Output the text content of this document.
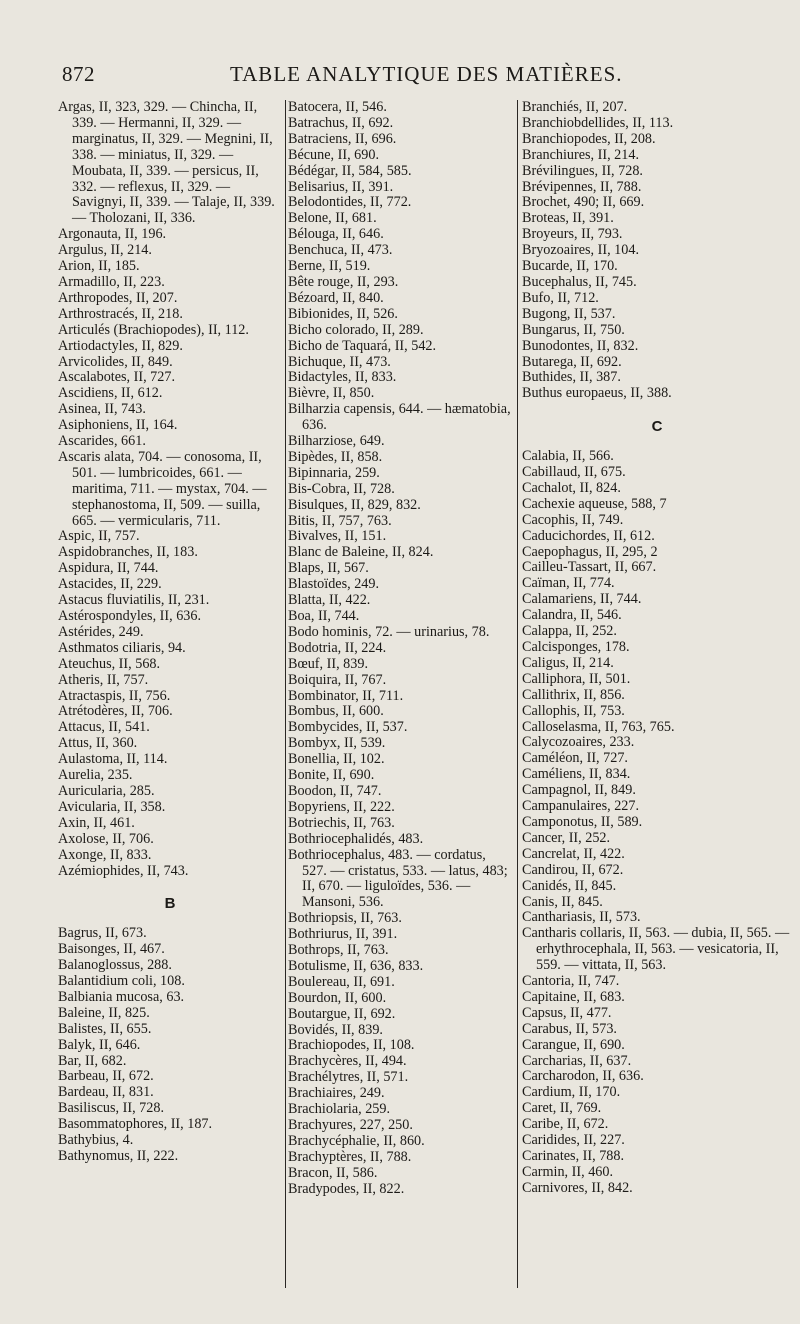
872	TABLE ANALYTIQUE DES MATIÈRES.

Argas, II, 323, 329. — Chincha, II, 339. — Hermanni, II, 329. — marginatus, II, 329. — Megnini, II, 338. — miniatus, II, 329. — Moubata, II, 339. — persicus, II, 332. — reflexus, II, 329. — Savignyi, II, 339. — Talaje, II, 339. — Tholozani, II, 336.

Argonauta, II, 196.

Argulus, II, 214.

Arion, II, 185.

Armadillo, II, 223.

Arthropodes, II, 207.

Arthrostracés, II, 218.

Articulés (Brachiopodes), II, 112.

Artiodactyles, II, 829.

Arvicolides, II, 849.

Ascalabotes, II, 727.

Ascidiens, II, 612.

Asinea, II, 743.

Asiphoniens, II, 164.

Ascarides, 661.

Ascaris alata, 704. — conosoma, II, 501. — lumbricoides, 661. — maritima, 711. — mystax, 704. — stephanostoma, II, 509. — suilla, 665. — vermicularis, 711.

Aspic, II, 757.

Aspidobranches, II, 183.

Aspidura, II, 744.

Astacides, II, 229.

Astacus fluviatilis, II, 231.

Astérospondyles, II, 636.

Astérides, 249.

Asthmatos ciliaris, 94.

Ateuchus, II, 568.

Atheris, II, 757.

Atractaspis, II, 756.

Atrétodères, II, 706.

Attacus, II, 541.

Attus, II, 360.

Aulastoma, II, 114.

Aurelia, 235.

Auricularia, 285.

Avicularia, II, 358.

Axin, II, 461.

Axolose, II, 706.

Axonge, II, 833.

Azémiophides, II, 743.

B

Bagrus, II, 673.

Baisonges, II, 467.

Balanoglossus, 288.

Balantidium coli, 108.

Balbiania mucosa, 63.

Baleine, II, 825.

Balistes, II, 655.

Balyk, II, 646.

Bar, II, 682.

Barbeau, II, 672.

Bardeau, II, 831.

Basiliscus, II, 728.

Basommatophores, II, 187.

Bathybius, 4.

Bathynomus, II, 222.

Batocera, II, 546.

Batrachus, II, 692.

Batraciens, II, 696.

Bécune, II, 690.

Bédégar, II, 584, 585.

Belisarius, II, 391.

Belodontides, II, 772.

Belone, II, 681.

Bélouga, II, 646.

Benchuca, II, 473.

Berne, II, 519.

Bête rouge, II, 293.

Bézoard, II, 840.

Bibionides, II, 526.

Bicho colorado, II, 289.

Bicho de Taquará, II, 542.

Bichuque, II, 473.

Bidactyles, II, 833.

Bièvre, II, 850.

Bilharzia capensis, 644. — hæmatobia, 636.

Bilharziose, 649.

Bipèdes, II, 858.

Bipinnaria, 259.

Bis-Cobra, II, 728.

Bisulques, II, 829, 832.

Bitis, II, 757, 763.

Bivalves, II, 151.

Blanc de Baleine, II, 824.

Blaps, II, 567.

Blastoïdes, 249.

Blatta, II, 422.

Boa, II, 744.

Bodo hominis, 72. — urinarius, 78.

Bodotria, II, 224.

Bœuf, II, 839.

Boiquira, II, 767.

Bombinator, II, 711.

Bombus, II, 600.

Bombycides, II, 537.

Bombyx, II, 539.

Bonellia, II, 102.

Bonite, II, 690.

Boodon, II, 747.

Bopyriens, II, 222.

Botriechis, II, 763.

Bothriocephalidés, 483.

Bothriocephalus, 483. — cordatus, 527. — cristatus, 533. — latus, 483; II, 670. — liguloïdes, 536. — Mansoni, 536.

Bothriopsis, II, 763.

Bothriurus, II, 391.

Bothrops, II, 763.

Botulisme, II, 636, 833.

Boulereau, II, 691.

Bourdon, II, 600.

Boutargue, II, 692.

Bovidés, II, 839.

Brachiopodes, II, 108.

Brachycères, II, 494.

Brachélytres, II, 571.

Brachiaires, 249.

Brachiolaria, 259.

Brachyures, 227, 250.

Brachycéphalie, II, 860.

Brachyptères, II, 788.

Bracon, II, 586.

Bradypodes, II, 822.

Branchiés, II, 207.

Branchiobdellides, II, 113.

Branchiopodes, II, 208.

Branchiures, II, 214.

Brévilingues, II, 728.

Brévipennes, II, 788.

Brochet, 490; II, 669.

Broteas, II, 391.

Broyeurs, II, 793.

Bryozoaires, II, 104.

Bucarde, II, 170.

Bucephalus, II, 745.

Bufo, II, 712.

Bugong, II, 537.

Bungarus, II, 750.

Bunodontes, II, 832.

Butarega, II, 692.

Buthides, II, 387.

Buthus europaeus, II, 388.

C

Calabia, II, 566.

Cabillaud, II, 675.

Cachalot, II, 824.

Cachexie aqueuse, 588, 7

Cacophis, II, 749.

Caducichordes, II, 612.

Caepophagus, II, 295, 2

Cailleu-Tassart, II, 667.

Caïman, II, 774.

Calamariens, II, 744.

Calandra, II, 546.

Calappa, II, 252.

Calcisponges, 178.

Caligus, II, 214.

Calliphora, II, 501.

Callithrix, II, 856.

Callophis, II, 753.

Calloselasma, II, 763, 765.

Calycozoaires, 233.

Caméléon, II, 727.

Caméliens, II, 834.

Campagnol, II, 849.

Campanulaires, 227.

Camponotus, II, 589.

Cancer, II, 252.

Cancrelat, II, 422.

Candirou, II, 672.

Canidés, II, 845.

Canis, II, 845.

Canthariasis, II, 573.

Cantharis collaris, II, 563. — dubia, II, 565. — erhythrocephala, II, 563. — vesicatoria, II, 559. — vittata, II, 563.

Cantoria, II, 747.

Capitaine, II, 683.

Capsus, II, 477.

Carabus, II, 573.

Carangue, II, 690.

Carcharias, II, 637.

Carcharodon, II, 636.

Cardium, II, 170.

Caret, II, 769.

Caribe, II, 672.

Caridides, II, 227.

Carinates, II, 788.

Carmin, II, 460.

Carnivores, II, 842.
